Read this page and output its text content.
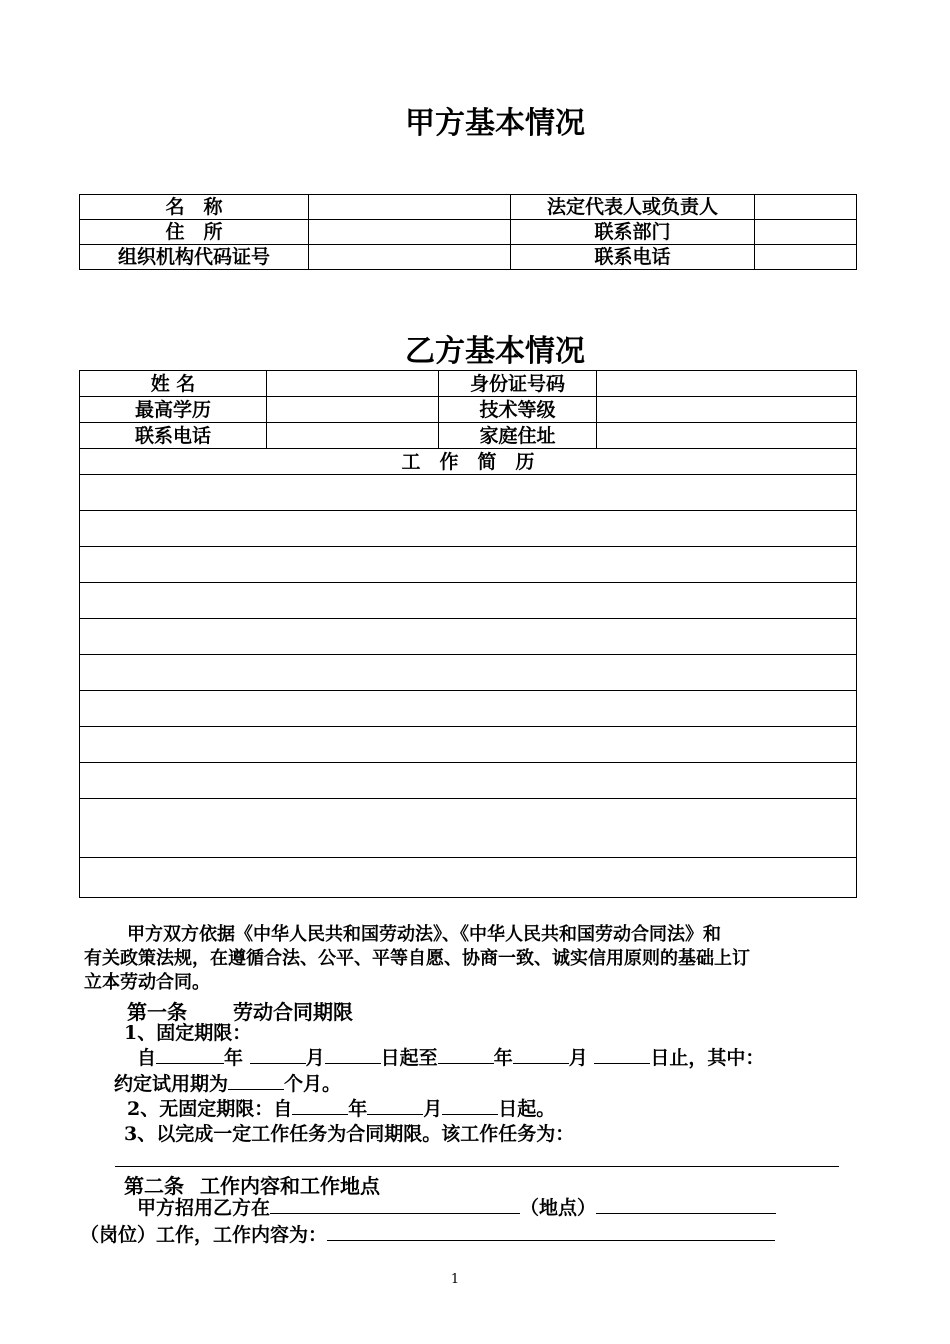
甲方基本情况
名　称		法定代表人或负责人	
住　所		联系部门	
组织机构代码证号		联系电话	
乙方基本情况
姓 名		身份证号码	
最高学历		技术等级	
联系电话		家庭住址	
工　作　简　历			

甲方双方依据《中华人民共和国劳动法》、《中华人民共和国劳动合同法》和
有关政策法规，在遵循合法、公平、平等自愿、协商一致、诚实信用原则的基础上订
立本劳动合同。
第一条 劳动合同期限
1、固定期限：
自	年	月	日起至	年	月	日止，其中：
约定试用期为	个月。
2、无固定期限：自	年	月	日起。
3、以完成一定工作任务为合同期限。该工作任务为：
第二条 工作内容和工作地点
甲方招用乙方在	（地点）
（岗位）工作，工作内容为：
1
